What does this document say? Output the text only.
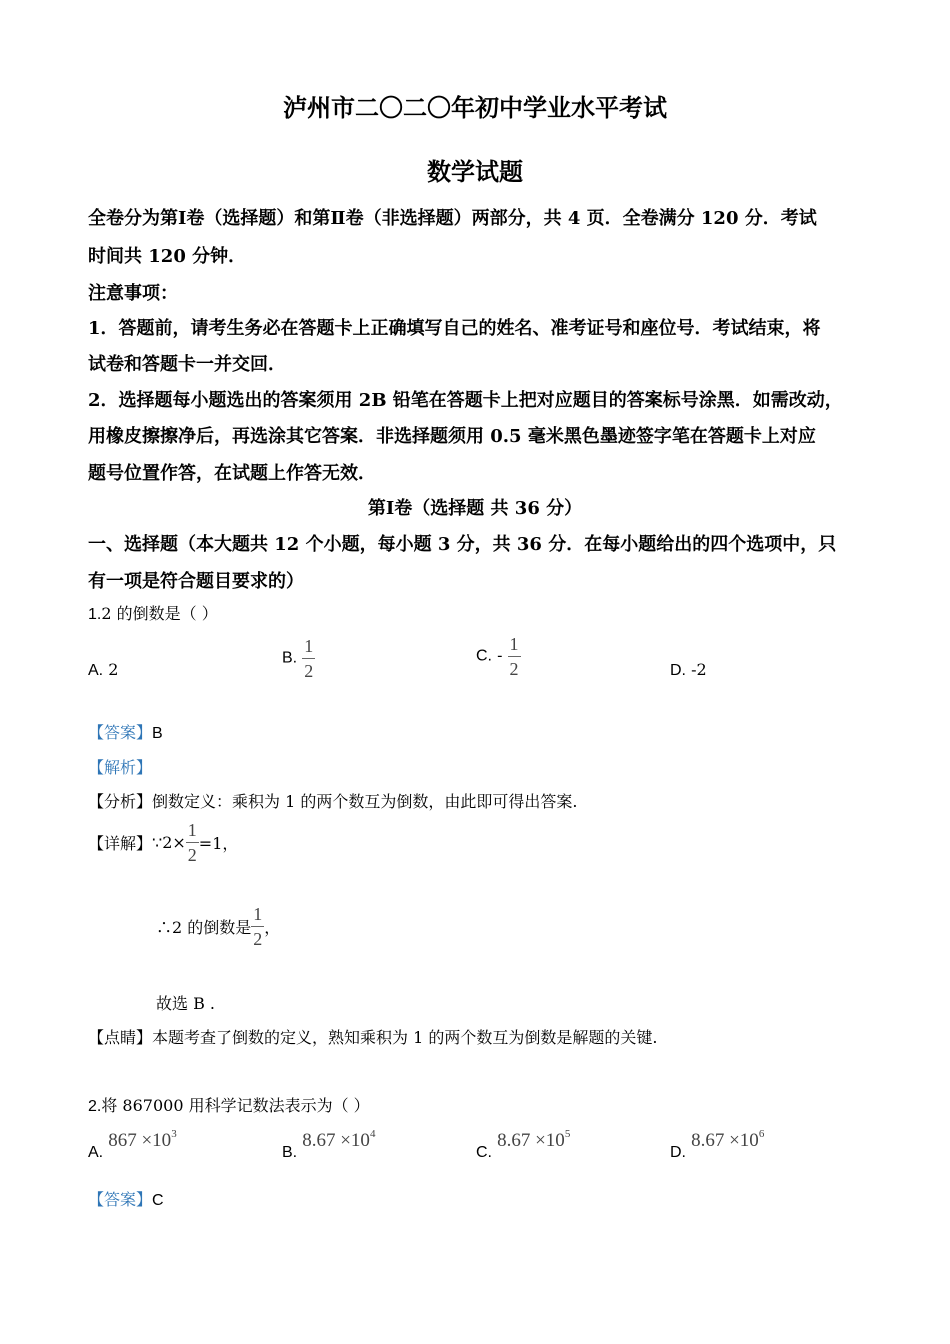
泸州市二〇二〇年初中学业水平考试
数学试题
全卷分为第Ⅰ卷（选择题）和第Ⅱ卷（非选择题）两部分，共 4 页．全卷满分 120 分．考试
时间共 120 分钟．
注意事项：
1．答题前，请考生务必在答题卡上正确填写自己的姓名、准考证号和座位号．考试结束，将
试卷和答题卡一并交回．
2．选择题每小题选出的答案须用 2B 铅笔在答题卡上把对应题目的答案标号涂黑．如需改动，
用橡皮擦擦净后，再选涂其它答案．非选择题须用 0.5 毫米黑色墨迹签字笔在答题卡上对应
题号位置作答，在试题上作答无效．
第Ⅰ卷（选择题 共 36 分）
一、选择题（本大题共 12 个小题，每小题 3 分，共 36 分．在每小题给出的四个选项中，只
有一项是符合题目要求的）
1.2 的倒数是（ ）
A. 2
B. $\frac{1}{2}$	C. - $\frac{1}{2}$	D. -2
【答案】B
【解析】
【分析】倒数定义：乘积为 1 的两个数互为倒数，由此即可得出答案.
【详解】∵2× $\frac{1}{2} =1$，
∴2 的倒数是 $\frac{1}{2}$ ，
故选 B .
【点睛】本题考查了倒数的定义，熟知乘积为 1 的两个数互为倒数是解题的关键.
2.将 867000 用科学记数法表示为（ ）
A. $867 \times 10^3$
B. $8.67 \times 10^4$
C. $8.67 \times 10^5$
D. $8.67 \times 10^6$
【答案】C
